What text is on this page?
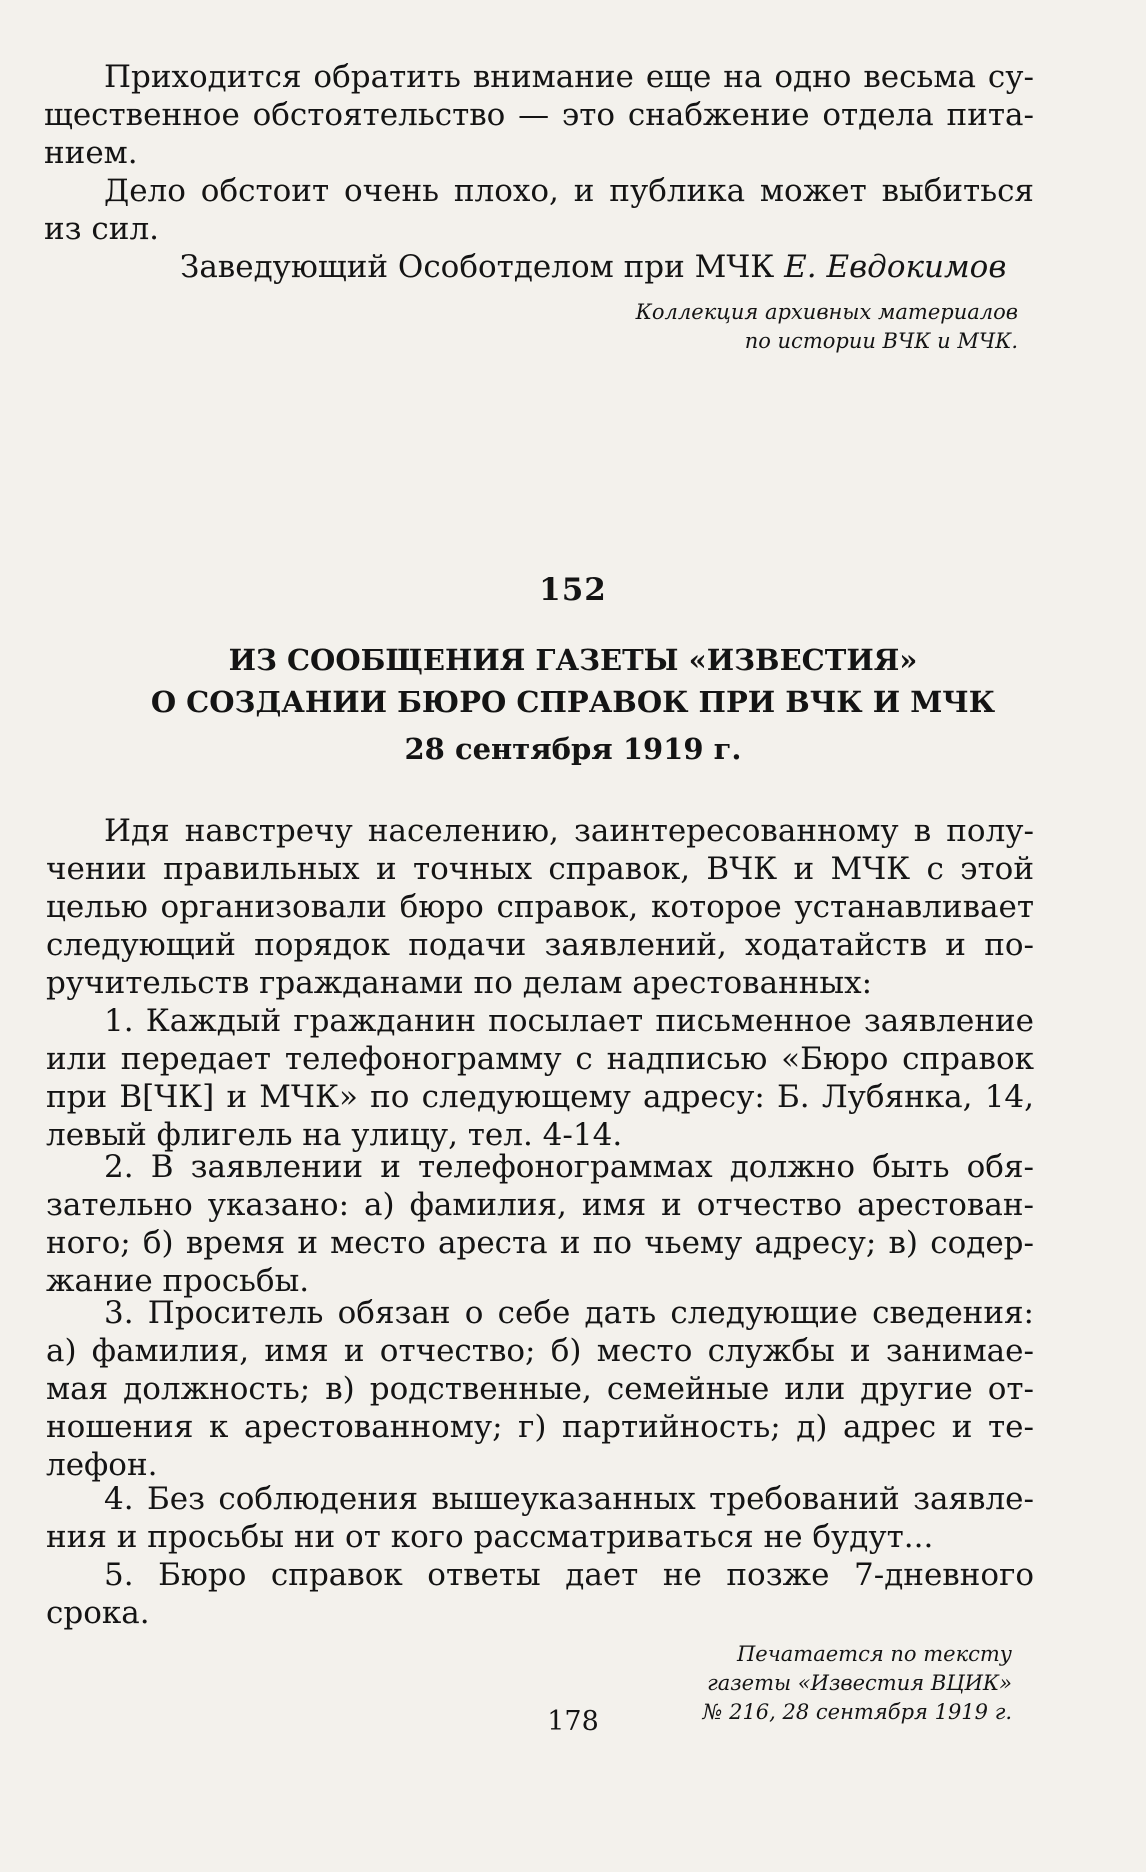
Приходится обратить внимание еще на одно весьма су-
щественное обстоятельство — это снабжение отдела пита-
нием.

Дело обстоит очень плохо, и публика может выбиться
из сил.

Заведующий Особотделом при МЧК Е. Евдокимов
Коллекция архивных материалов
по истории ВЧК и МЧК.
152
ИЗ СООБЩЕНИЯ ГАЗЕТЫ «ИЗВЕСТИЯ»
О СОЗДАНИИ БЮРО СПРАВОК ПРИ ВЧК И МЧК
28 сентября 1919 г.

Идя навстречу населению, заинтересованному в полу-
чении правильных и точных справок, ВЧК и МЧК с этой
целью организовали бюро справок, которое устанавливает
следующий порядок подачи заявлений, ходатайств и по-
ручительств гражданами по делам арестованных:

1. Каждый гражданин посылает письменное заявление
или передает телефонограмму с надписью «Бюро справок
при В[ЧК] и МЧК» по следующему адресу: Б. Лубянка, 14,
левый флигель на улицу, тел. 4-14.

2. В заявлении и телефонограммах должно быть обя-
зательно указано: а) фамилия, имя и отчество арестован-
ного; б) время и место ареста и по чьему адресу; в) содер-
жание просьбы.

3. Проситель обязан о себе дать следующие сведения:
а) фамилия, имя и отчество; б) место службы и занимае-
мая должность; в) родственные, семейные или другие от-
ношения к арестованному; г) партийность; д) адрес и те-
лефон.

4. Без соблюдения вышеуказанных требований заявле-
ния и просьбы ни от кого рассматриваться не будут...

5. Бюро справок ответы дает не позже 7-дневного
срока.

Печатается по тексту
газеты «Известия ВЦИК»
№ 216, 28 сентября 1919 г.
178
